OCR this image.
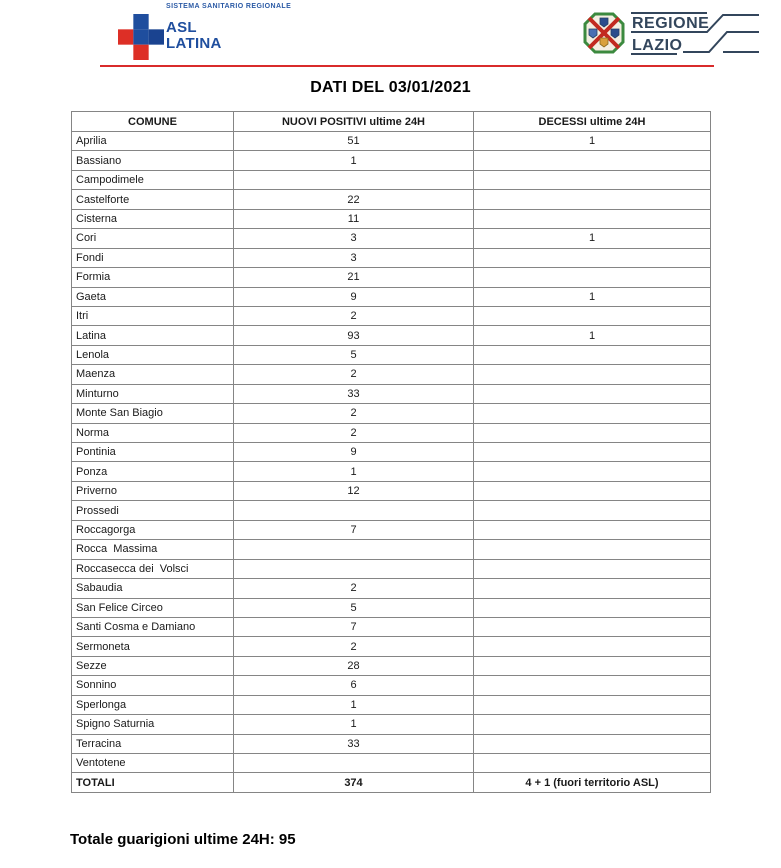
SISTEMA SANITARIO REGIONALE
ASL
LATINA
REGIONE
LAZIO
DATI DEL 03/01/2021
COMUNE	NUOVI POSITIVI ultime 24H	DECESSI ultime 24H
Aprilia	51	1
Bassiano	1	
Campodimele		
Castelforte	22	
Cisterna	11	
Cori	3	1
Fondi	3	
Formia	21	
Gaeta	9	1
Itri	2	
Latina	93	1
Lenola	5	
Maenza	2	
Minturno	33	
Monte San Biagio	2	
Norma	2	
Pontinia	9	
Ponza	1	
Priverno	12	
Prossedi		
Roccagorga	7	
Rocca  Massima		
Roccasecca dei  Volsci		
Sabaudia	2	
San Felice Circeo	5	
Santi Cosma e Damiano	7	
Sermoneta	2	
Sezze	28	
Sonnino	6	
Sperlonga	1	
Spigno Saturnia	1	
Terracina	33	
Ventotene		
TOTALI	374	4 + 1 (fuori territorio ASL)
Totale guarigioni ultime 24H: 95
